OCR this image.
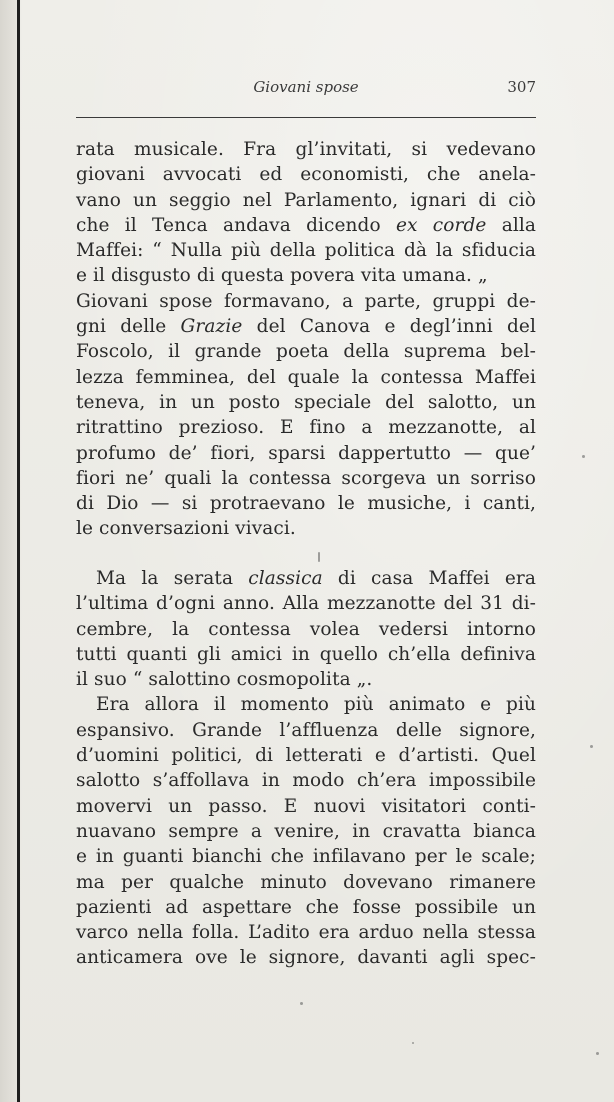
Giovani spose	307
rata musicale. Fra gl’invitati, si vedevano
giovani avvocati ed economisti, che anela-
vano un seggio nel Parlamento, ignari di ciò
che il Tenca andava dicendo ex corde alla
Maffei: “ Nulla più della politica dà la sfiducia
e il disgusto di questa povera vita umana. „
Giovani spose formavano, a parte, gruppi de-
gni delle Grazie del Canova e degl’inni del
Foscolo, il grande poeta della suprema bel-
lezza femminea, del quale la contessa Maffei
teneva, in un posto speciale del salotto, un
ritrattino prezioso. E fino a mezzanotte, al
profumo de’ fiori, sparsi dappertutto — que’
fiori ne’ quali la contessa scorgeva un sorriso
di Dio — si protraevano le musiche, i canti,
le conversazioni vivaci.
Ma la serata classica di casa Maffei era
l’ultima d’ogni anno. Alla mezzanotte del 31 di-
cembre, la contessa volea vedersi intorno
tutti quanti gli amici in quello ch’ella definiva
il suo “ salottino cosmopolita „.
Era allora il momento più animato e più
espansivo. Grande l’affluenza delle signore,
d’uomini politici, di letterati e d’artisti. Quel
salotto s’affollava in modo ch’era impossibile
movervi un passo. E nuovi visitatori conti-
nuavano sempre a venire, in cravatta bianca
e in guanti bianchi che infilavano per le scale;
ma per qualche minuto dovevano rimanere
pazienti ad aspettare che fosse possibile un
varco nella folla. L’adito era arduo nella stessa
anticamera ove le signore, davanti agli spec-
